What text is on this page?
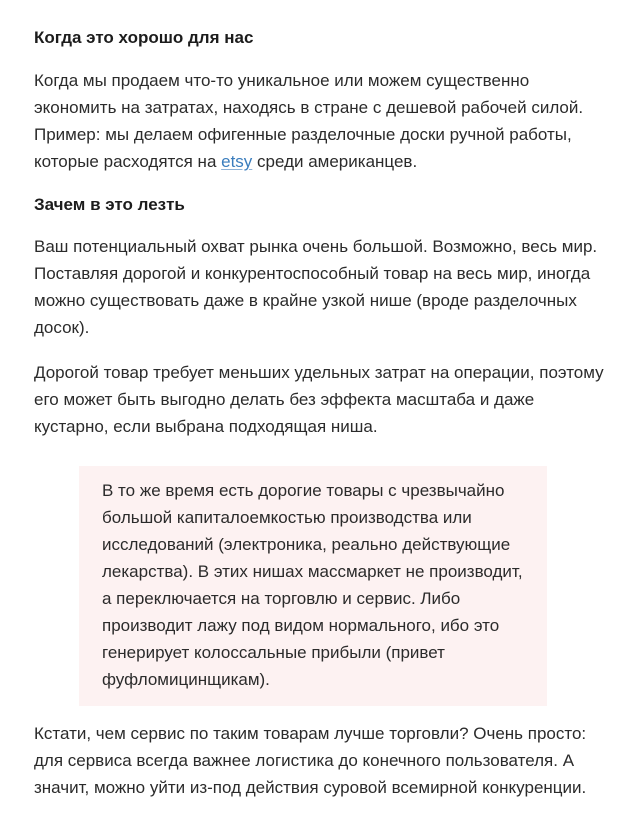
Когда это хорошо для нас

Когда мы продаем что-то уникальное или можем существенно экономить на затратах, находясь в стране с дешевой рабочей силой. Пример: мы делаем офигенные разделочные доски ручной работы, которые расходятся на etsy среди американцев.

Зачем в это лезть

Ваш потенциальный охват рынка очень большой. Возможно, весь мир. Поставляя дорогой и конкурентоспособный товар на весь мир, иногда можно существовать даже в крайне узкой нише (вроде разделочных досок).

Дорогой товар требует меньших удельных затрат на операции, поэтому его может быть выгодно делать без эффекта масштаба и даже кустарно, если выбрана подходящая ниша.

В то же время есть дорогие товары с чрезвычайно большой капиталоемкостью производства или исследований (электроника, реально действующие лекарства). В этих нишах массмаркет не производит, а переключается на торговлю и сервис. Либо производит лажу под видом нормального, ибо это генерирует колоссальные прибыли (привет фуфломицинщикам).

Кстати, чем сервис по таким товарам лучше торговли? Очень просто: для сервиса всегда важнее логистика до конечного пользователя. А значит, можно уйти из-под действия суровой всемирной конкуренции.
